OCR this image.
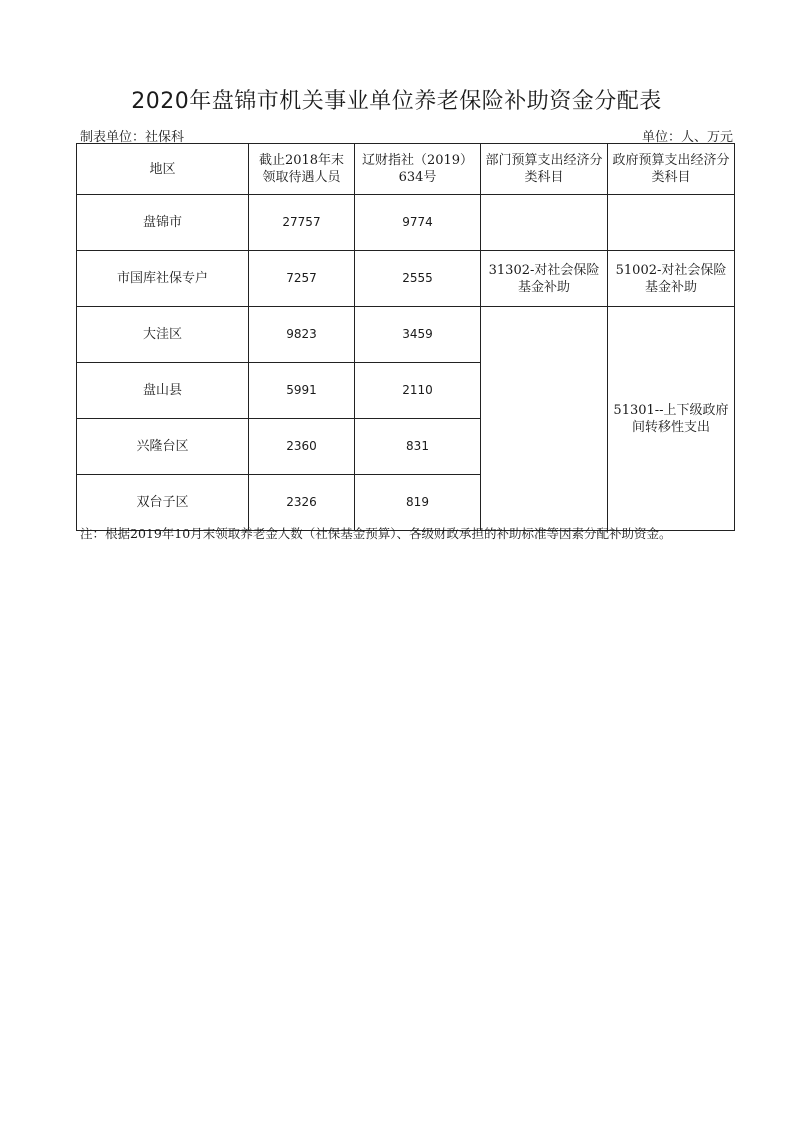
2020年盘锦市机关事业单位养老保险补助资金分配表
制表单位：社保科	单位：人、万元
地区	截止2018年末领取待遇人员	辽财指社（2019）634号	部门预算支出经济分类科目	政府预算支出经济分类科目
盘锦市	27757	9774		
市国库社保专户	7257	2555	31302-对社会保险基金补助	51002-对社会保险基金补助
大洼区	9823	3459		51301--上下级政府间转移性支出
盘山县	5991	2110		
兴隆台区	2360	831		
双台子区	2326	819		
注：根据2019年10月末领取养老金人数（社保基金预算）、各级财政承担的补助标准等因素分配补助资金。
